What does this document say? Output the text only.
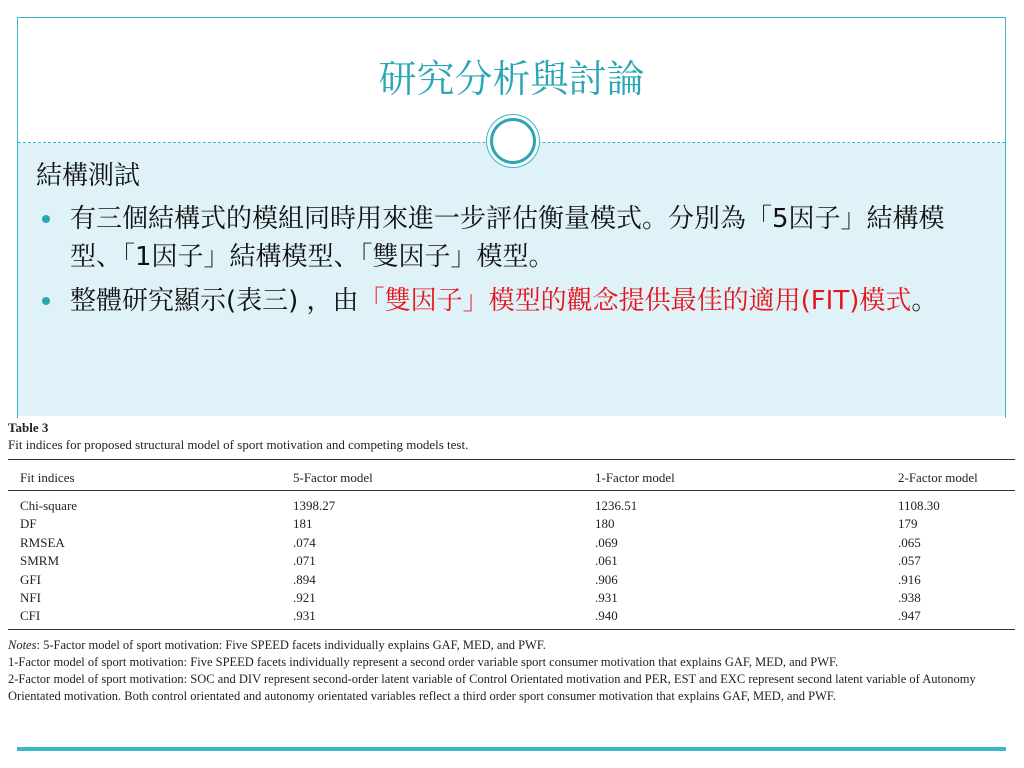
研究分析與討論
結構測試
有三個結構式的模組同時用來進一步評估衡量模式。分別為「5因子」結構模型、「1因子」結構模型、「雙因子」模型。
整體研究顯示(表三) ，由「雙因子」模型的觀念提供最佳的適用(FIT)模式。
Table 3
Fit indices for proposed structural model of sport motivation and competing models test.
Fit indices	5-Factor model	1-Factor model	2-Factor model
Chi-square	1398.27	1236.51	1108.30
DF	181	180	179
RMSEA	.074	.069	.065
SMRM	.071	.061	.057
GFI	.894	.906	.916
NFI	.921	.931	.938
CFI	.931	.940	.947

Notes: 5-Factor model of sport motivation: Five SPEED facets individually explains GAF, MED, and PWF.

1-Factor model of sport motivation: Five SPEED facets individually represent a second order variable sport consumer motivation that explains GAF, MED, and PWF.

2-Factor model of sport motivation: SOC and DIV represent second-order latent variable of Control Orientated motivation and PER, EST and EXC represent second latent variable of Autonomy Orientated motivation. Both control orientated and autonomy orientated variables reflect a third order sport consumer motivation that explains GAF, MED, and PWF.
